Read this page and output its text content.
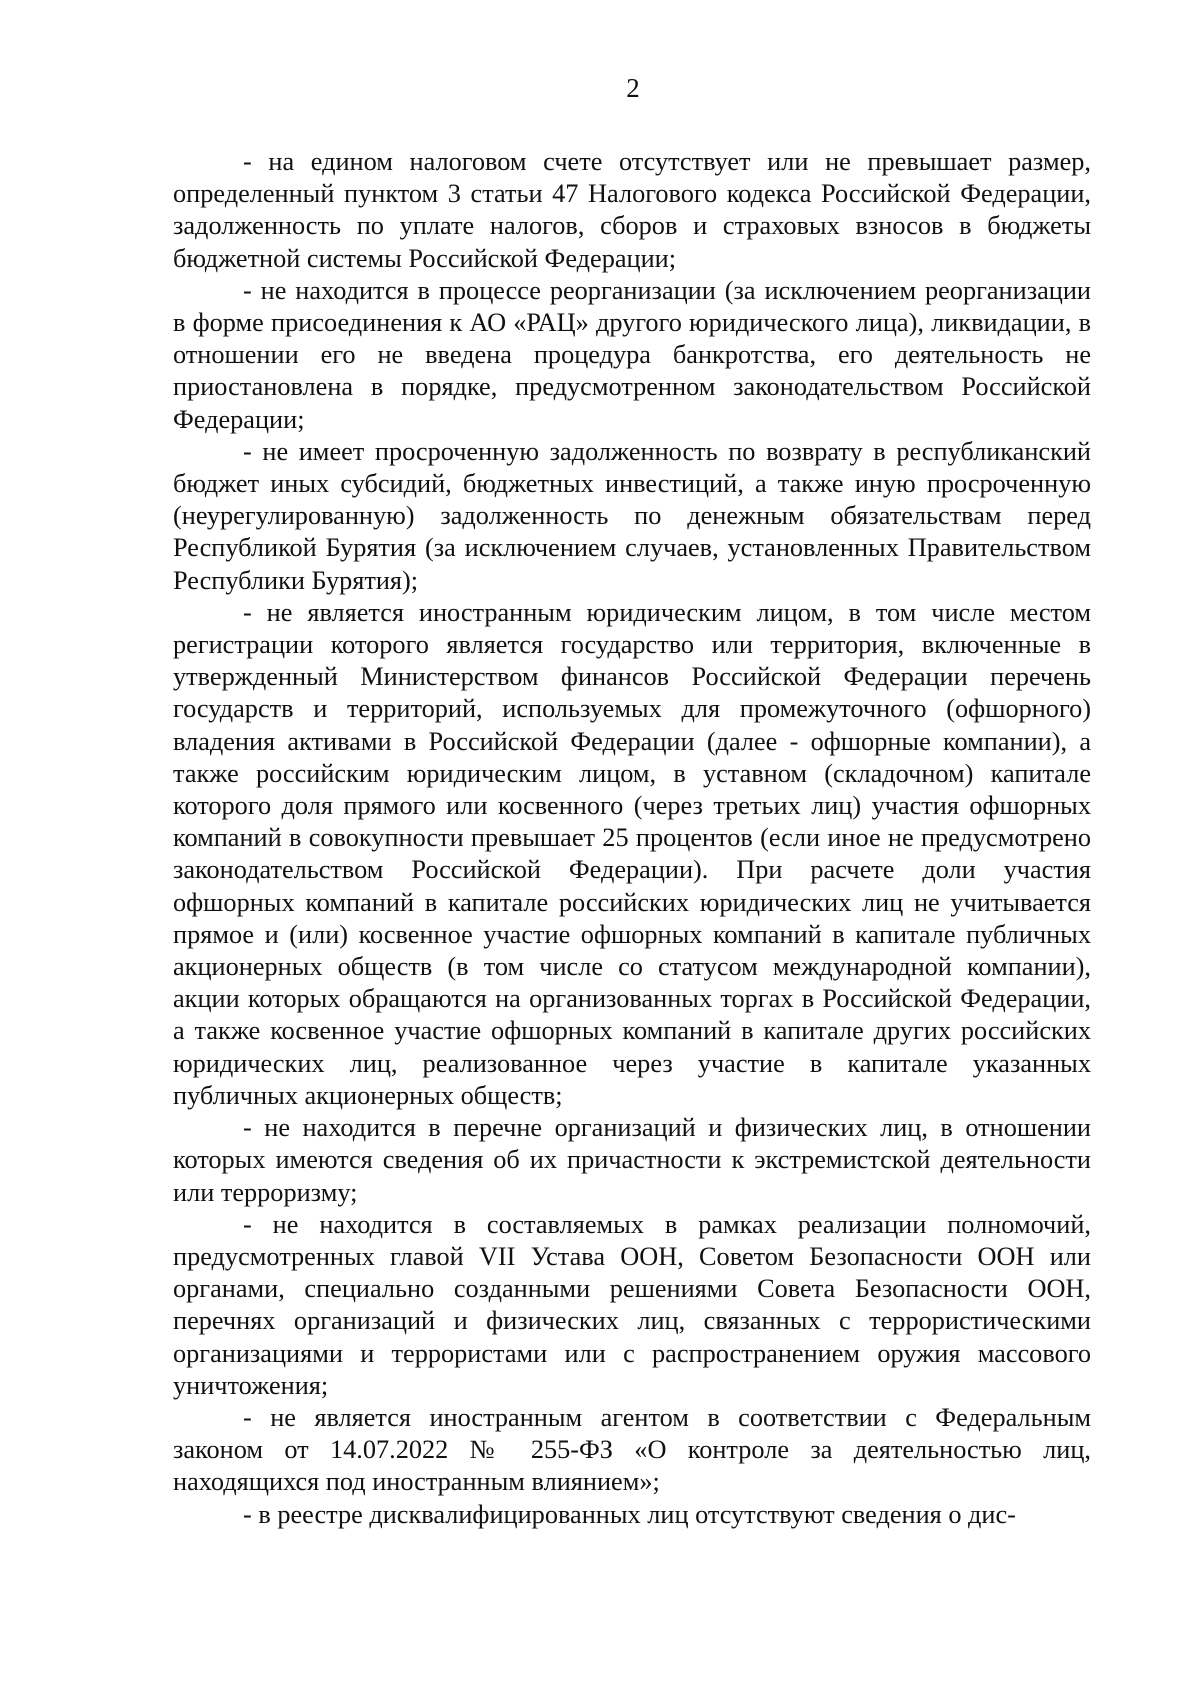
2

- на едином налоговом счете отсутствует или не превышает размер, определенный пунктом 3 статьи 47 Налогового кодекса Российской Федерации, задолженность по уплате налогов, сборов и страховых взносов в бюджеты бюджетной системы Российской Федерации;

- не находится в процессе реорганизации (за исключением реорганизации в форме присоединения к АО «РАЦ» другого юридического лица), ликвидации, в отношении его не введена процедура банкротства, его деятельность не приостановлена в порядке, предусмотренном законодательством Российской Федерации;

- не имеет просроченную задолженность по возврату в республиканский бюджет иных субсидий, бюджетных инвестиций, а также иную просроченную (неурегулированную) задолженность по денежным обязательствам перед Республикой Бурятия (за исключением случаев, установленных Правительством Республики Бурятия);

- не является иностранным юридическим лицом, в том числе местом регистрации которого является государство или территория, включенные в утвержденный Министерством финансов Российской Федерации перечень государств и территорий, используемых для промежуточного (офшорного) владения активами в Российской Федерации (далее - офшорные компании), а также российским юридическим лицом, в уставном (складочном) капитале которого доля прямого или косвенного (через третьих лиц) участия офшорных компаний в совокупности превышает 25 процентов (если иное не предусмотрено законодательством Российской Федерации). При расчете доли участия офшорных компаний в капитале российских юридических лиц не учитывается прямое и (или) косвенное участие офшорных компаний в капитале публичных акционерных обществ (в том числе со статусом международной компании), акции которых обращаются на организованных торгах в Российской Федерации, а также косвенное участие офшорных компаний в капитале других российских юридических лиц, реализованное через участие в капитале указанных публичных акционерных обществ;

- не находится в перечне организаций и физических лиц, в отношении которых имеются сведения об их причастности к экстремистской деятельности или терроризму;

- не находится в составляемых в рамках реализации полномочий, предусмотренных главой VII Устава ООН, Советом Безопасности ООН или органами, специально созданными решениями Совета Безопасности ООН, перечнях организаций и физических лиц, связанных с террористическими организациями и террористами или с распространением оружия массового уничтожения;

- не является иностранным агентом в соответствии с Федеральным законом от 14.07.2022 № 255-ФЗ «О контроле за деятельностью лиц, находящихся под иностранным влиянием»;

- в реестре дисквалифицированных лиц отсутствуют сведения о дис-
